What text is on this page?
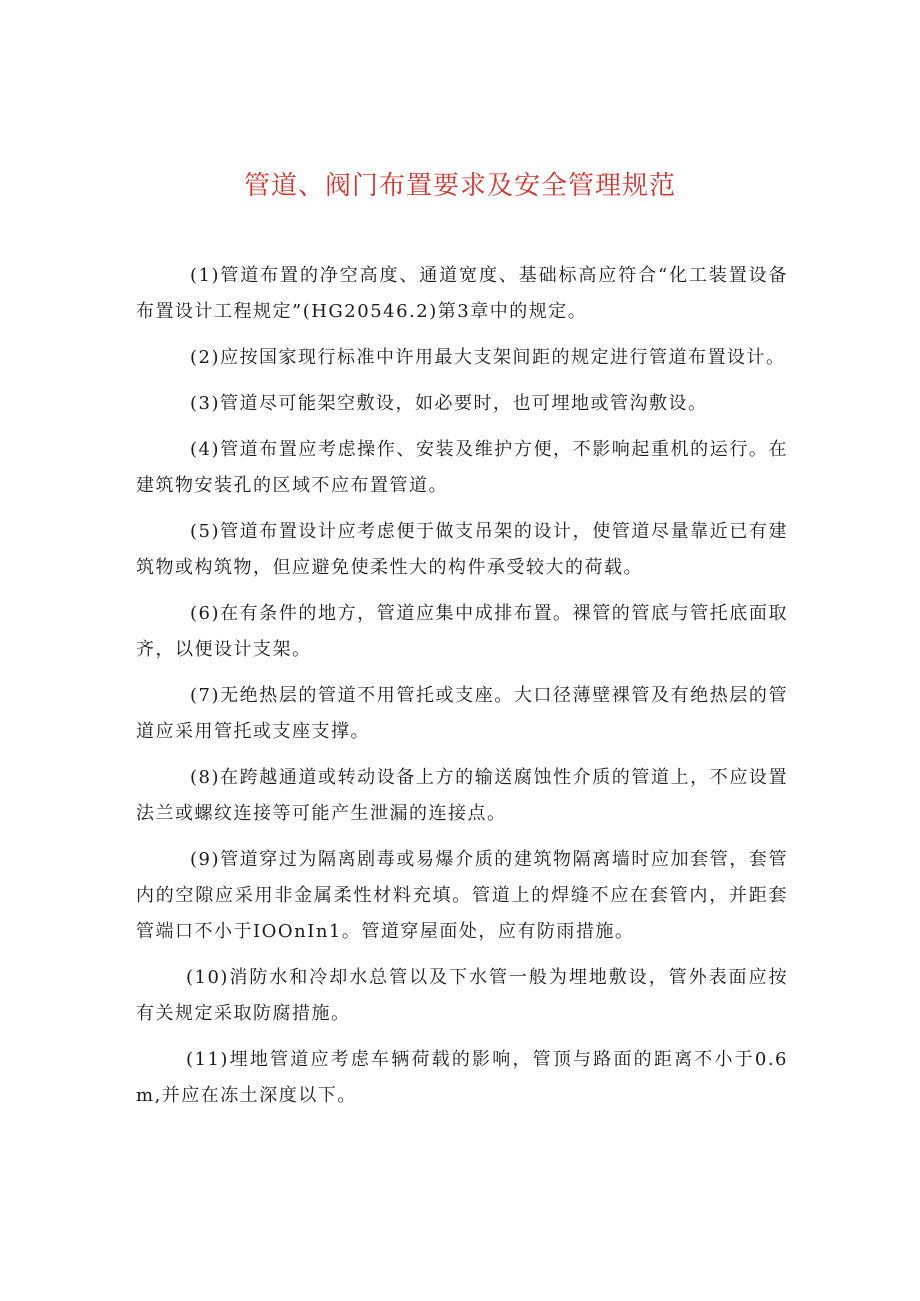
管道、阀门布置要求及安全管理规范

(1)管道布置的净空高度、通道宽度、基础标高应符合“化工装置设备布置设计工程规定”(HG20546.2)第3章中的规定。

(2)应按国家现行标准中许用最大支架间距的规定进行管道布置设计。

(3)管道尽可能架空敷设，如必要时，也可埋地或管沟敷设。

(4)管道布置应考虑操作、安装及维护方便，不影响起重机的运行。在建筑物安装孔的区域不应布置管道。

(5)管道布置设计应考虑便于做支吊架的设计，使管道尽量靠近已有建筑物或构筑物，但应避免使柔性大的构件承受较大的荷载。

(6)在有条件的地方，管道应集中成排布置。裸管的管底与管托底面取齐，以便设计支架。

(7)无绝热层的管道不用管托或支座。大口径薄壁裸管及有绝热层的管道应采用管托或支座支撑。

(8)在跨越通道或转动设备上方的输送腐蚀性介质的管道上，不应设置法兰或螺纹连接等可能产生泄漏的连接点。

(9)管道穿过为隔离剧毒或易爆介质的建筑物隔离墙时应加套管，套管内的空隙应采用非金属柔性材料充填。管道上的焊缝不应在套管内，并距套管端口不小于IOOnIn1。管道穿屋面处，应有防雨措施。

(10)消防水和冷却水总管以及下水管一般为埋地敷设，管外表面应按有关规定采取防腐措施。

(11)埋地管道应考虑车辆荷载的影响，管顶与路面的距离不小于0.6m,并应在冻土深度以下。
